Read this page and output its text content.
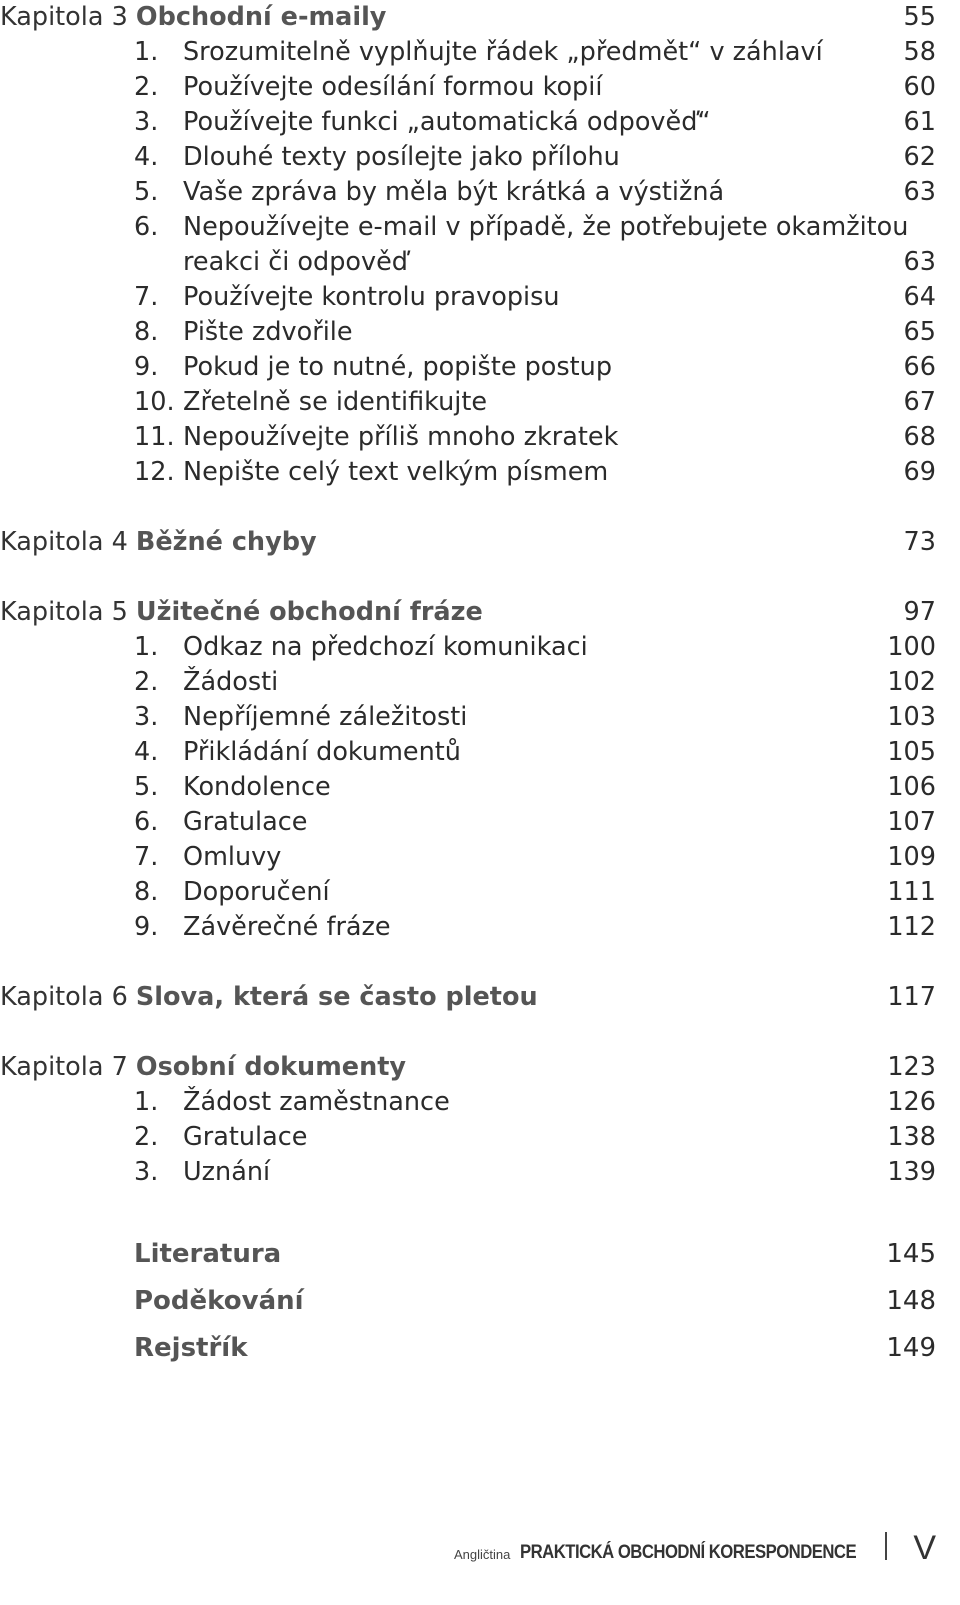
Kapitola 3 Obchodní e-maily	55
1. Srozumitelně vyplňujte řádek „předmět“ v záhlaví	58
2. Používejte odesílání formou kopií	60
3. Používejte funkci „automatická odpověď“	61
4. Dlouhé texty posílejte jako přílohu	62
5. Vaše zpráva by měla být krátká a výstižná	63
6. Nepoužívejte e-mail v případě, že potřebujete okamžitou
reakci či odpověď	63
7. Používejte kontrolu pravopisu	64
8. Pište zdvořile	65
9. Pokud je to nutné, popište postup	66
10. Zřetelně se identifikujte	67
11. Nepoužívejte příliš mnoho zkratek	68
12. Nepište celý text velkým písmem	69
Kapitola 4 Běžné chyby	73
Kapitola 5 Užitečné obchodní fráze	97
1. Odkaz na předchozí komunikaci	100
2. Žádosti	102
3. Nepříjemné záležitosti	103
4. Přikládání dokumentů	105
5. Kondolence	106
6. Gratulace	107
7. Omluvy	109
8. Doporučení	111
9. Závěrečné fráze	112
Kapitola 6 Slova, která se často pletou	117
Kapitola 7 Osobní dokumenty	123
1. Žádost zaměstnance	126
2. Gratulace	138
3. Uznání	139
Literatura	145
Poděkování	148
Rejstřík	149
Angličtina PRAKTICKÁ OBCHODNÍ KORESPONDENCE V
